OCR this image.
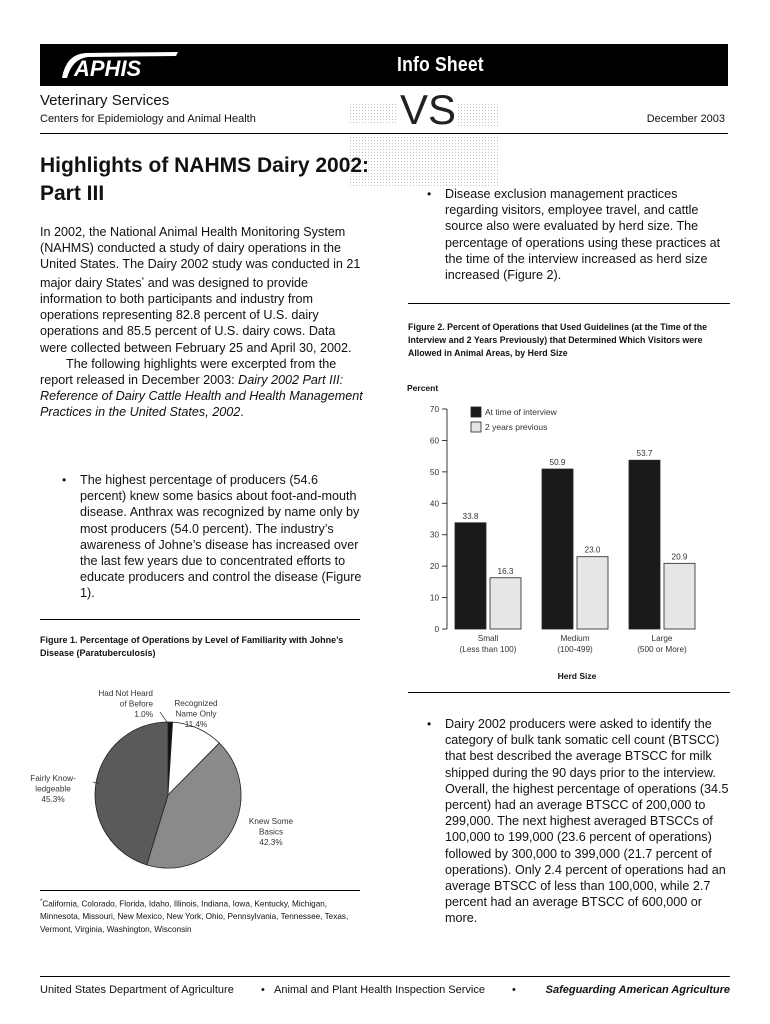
APHIS	Info Sheet
Veterinary Services
Centers for Epidemiology and Animal Health	VS	December 2003
Highlights of NAHMS Dairy 2002: Part III

In 2002, the National Animal Health Monitoring System (NAHMS) conducted a study of dairy operations in the United States. The Dairy 2002 study was conducted in 21 major dairy States* and was designed to provide information to both participants and industry from operations representing 82.8 percent of U.S. dairy operations and 85.5 percent of U.S. dairy cows. Data were collected between February 25 and April 30, 2002.

The following highlights were excerpted from the report released in December 2003: Dairy 2002 Part III: Reference of Dairy Cattle Health and Health Management Practices in the United States, 2002.

•	The highest percentage of producers (54.6 percent) knew some basics about foot-and-mouth disease. Anthrax was recognized by name only by most producers (54.0 percent). The industry’s awareness of Johne’s disease has increased over the last few years due to concentrated efforts to educate producers and control the disease (Figure 1).
Figure 1. Percentage of Operations by Level of Familiarity with Johne’s Disease (Paratuberculosis)
Had Not Heard of Before 1.0%
Recognized Name Only 11.4%
Knew Some Basics 42.3%
Fairly Know-ledgeable 45.3%
*California, Colorado, Florida, Idaho, Illinois, Indiana, Iowa, Kentucky, Michigan, Minnesota, Missouri, New Mexico, New York, Ohio, Pennsylvania, Tennessee, Texas, Vermont, Virginia, Washington, Wisconsin
•	Disease exclusion management practices regarding visitors, employee travel, and cattle source also were evaluated by herd size. The percentage of operations using these practices at the time of the interview increased as herd size increased (Figure 2).
Figure 2. Percent of Operations that Used Guidelines (at the Time of the Interview and 2 Years Previously) that Determined Which Visitors were Allowed in Animal Areas, by Herd Size
Percent
0
10
20
30
40
50
60
70
33.8
16.3
Small (Less than 100)
50.9
23.0
Medium (100-499)
53.7
20.9
Large (500 or More)
Herd Size
At time of interview
2 years previous
•	Dairy 2002 producers were asked to identify the category of bulk tank somatic cell count (BTSCC) that best described the average BTSCC for milk shipped during the 90 days prior to the interview. Overall, the highest percentage of operations (34.5 percent) had an average BTSCC of 200,000 to 299,000. The next highest averaged BTSCCs of 100,000 to 199,000 (23.6 percent of operations) followed by 300,000 to 399,000 (21.7 percent of operations). Only 2.4 percent of operations had an average BTSCC of less than 100,000, while 2.7 percent had an average BTSCC of 600,000 or more.
United States Department of Agriculture • Animal and Plant Health Inspection Service •	Safeguarding American Agriculture
